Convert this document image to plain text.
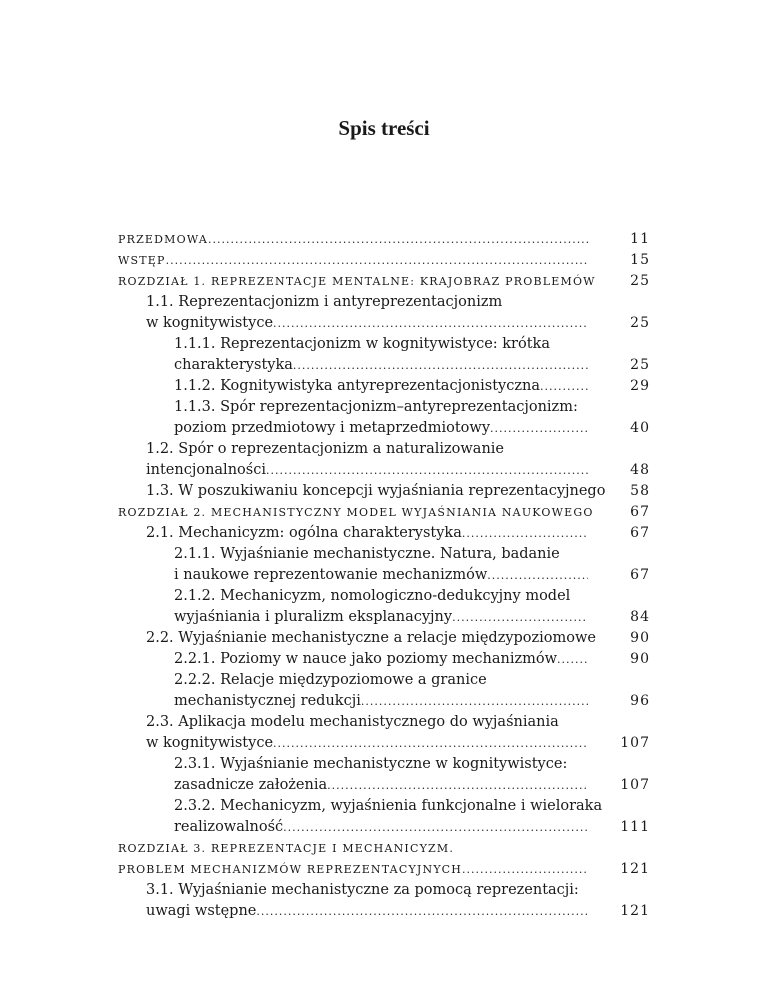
Spis treści
PRZEDMOWA .....	11
WSTĘP .....	15
ROZDZIAŁ 1. REPREZENTACJE MENTALNE: KRAJOBRAZ PROBLEMÓW	25
1.1. Reprezentacjonizm i antyreprezentacjonizm
w kognitywistyce .....	25
1.1.1. Reprezentacjonizm w kognitywistyce: krótka
charakterystyka .....	25
1.1.2. Kognitywistyka antyreprezentacjonistyczna .....	29
1.1.3. Spór reprezentacjonizm–antyreprezentacjonizm:
poziom przedmiotowy i metaprzedmiotowy .....	40
1.2. Spór o reprezentacjonizm a naturalizowanie
intencjonalności .....	48
1.3. W poszukiwaniu koncepcji wyjaśniania reprezentacyjnego	58
ROZDZIAŁ 2. MECHANISTYCZNY MODEL WYJAŚNIANIA NAUKOWEGO	67
2.1. Mechanicyzm: ogólna charakterystyka .....	67
2.1.1. Wyjaśnianie mechanistyczne. Natura, badanie
i naukowe reprezentowanie mechanizmów .....	67
2.1.2. Mechanicyzm, nomologiczno-dedukcyjny model
wyjaśniania i pluralizm eksplanacyjny .....	84
2.2. Wyjaśnianie mechanistyczne a relacje międzypoziomowe	90
2.2.1. Poziomy w nauce jako poziomy mechanizmów .....	90
2.2.2. Relacje międzypoziomowe a granice
mechanistycznej redukcji .....	96
2.3. Aplikacja modelu mechanistycznego do wyjaśniania
w kognitywistyce .....	107
2.3.1. Wyjaśnianie mechanistyczne w kognitywistyce:
zasadnicze założenia .....	107
2.3.2. Mechanicyzm, wyjaśnienia funkcjonalne i wieloraka
realizowalność .....	111
ROZDZIAŁ 3. REPREZENTACJE I MECHANICYZM.
PROBLEM MECHANIZMÓW REPREZENTACYJNYCH .....	121
3.1. Wyjaśnianie mechanistyczne za pomocą reprezentacji:
uwagi wstępne .....	121
